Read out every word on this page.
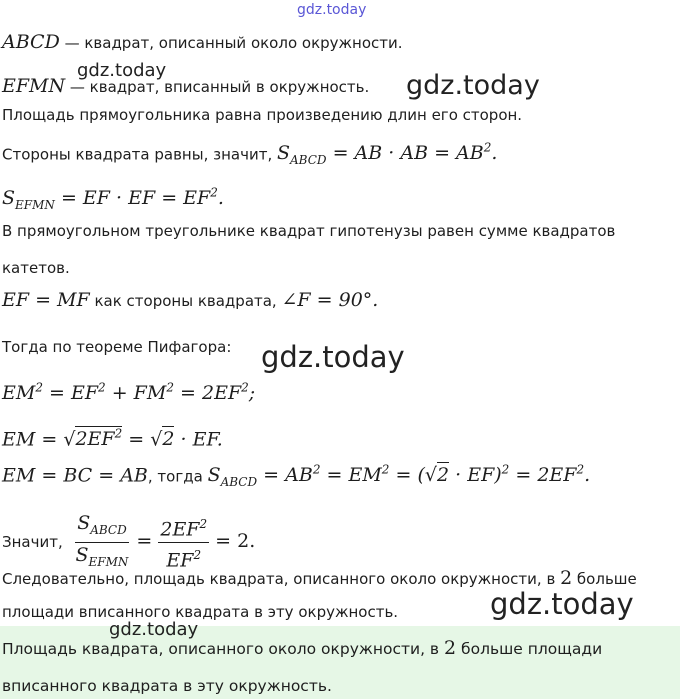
gdz.today
ABCD — квадрат, описанный около окружности.
gdz.today
EFMN — квадрат, вписанный в окружность. gdz.today
Площадь прямоугольника равна произведению длин его сторон.
Стороны квадрата равны, значит, $S_{ABCD}$ = AB · AB = $AB^2$.
$S_{EFMN}$ = EF · EF = $EF^2$.
В прямоугольном треугольнике квадрат гипотенузы равен сумме квадратов
катетов.
EF = MF как стороны квадрата, ∠F = 90°.
Тогда по теореме Пифагора: gdz.today
$EM^2 = EF^2 + FM^2 = 2EF^2$;
EM = $√2EF^2 = √2$ · EF.
EM = BC = AB, тогда $S_{ABCD} = AB^2 = EM^2 = (√2 \cdot EF)^2 = 2EF^2$.
Значит, $\frac{S_{ABCD}}{S_{EFMN}} = \frac{2EF^2}{EF^2} = 2$.
Следовательно, площадь квадрата, описанного около окружности, в 2 больше
площади вписанного квадрата в эту окружность.	gdz.today
Площадь квадрата, описанного около окружности, в 2 больше площади
вписанного квадрата в эту окружность.
gdz.today
